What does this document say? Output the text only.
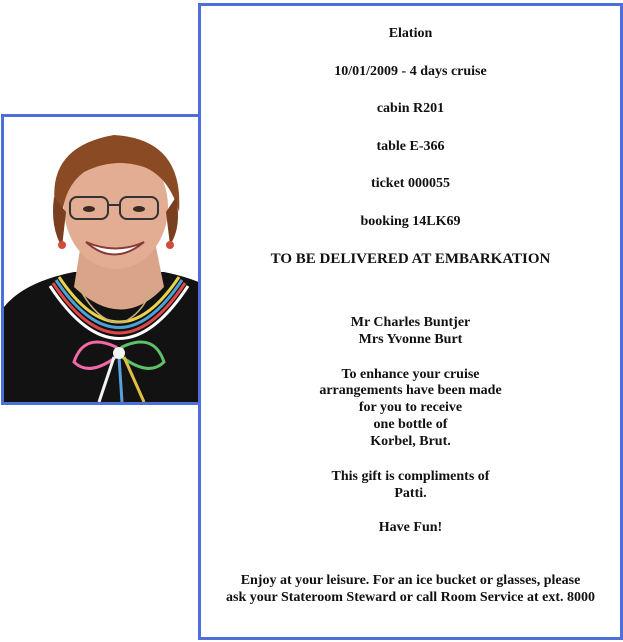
Elation
10/01/2009 - 4 days cruise
cabin R201
table E-366
ticket 000055
booking 14LK69
TO BE DELIVERED AT EMBARKATION
Mr Charles Buntjer
Mrs Yvonne Burt
To enhance your cruise
arrangements have been made
for you to receive
one bottle of
Korbel, Brut.
This gift is compliments of
Patti.
Have Fun!
Enjoy at your leisure. For an ice bucket or glasses, please
ask your Stateroom Steward or call Room Service at ext. 8000
